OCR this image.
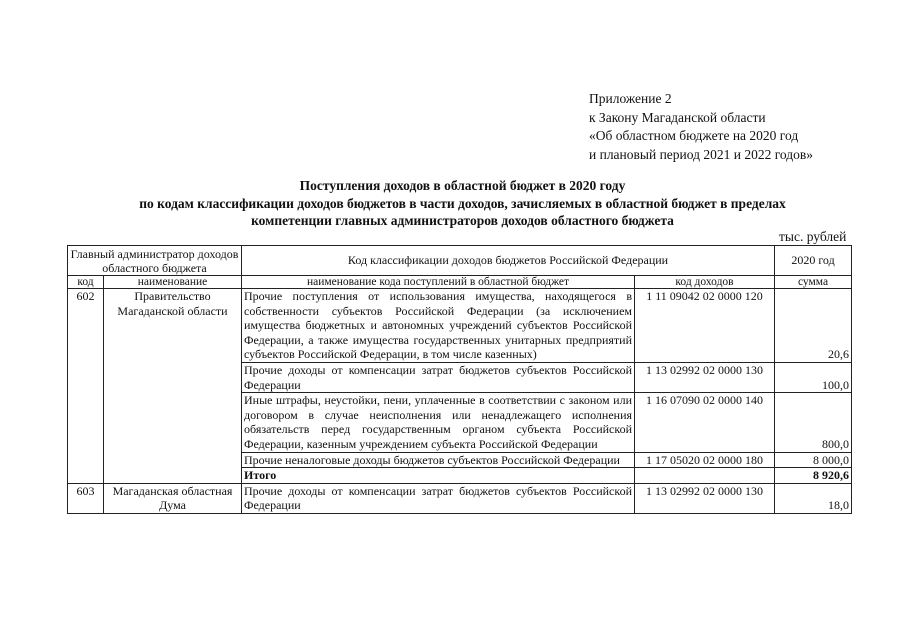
Приложение 2
к Закону Магаданской области
«Об областном бюджете на 2020 год
и плановый период 2021 и 2022 годов»
Поступления доходов в областной бюджет в 2020 году
по кодам классификации доходов бюджетов в части доходов, зачисляемых в областной бюджет в пределах
компетенции главных администраторов доходов областного бюджета
тыс. рублей
Главный администратор доходов областного бюджета		Код классификации доходов бюджетов Российской Федерации		2020 год
код	наименование	наименование кода поступлений в областной бюджет	код доходов	сумма
602	Правительство Магаданской области	Прочие поступления от использования имущества, находящегося в собственности субъектов Российской Федерации (за исключением имущества бюджетных и автономных учреждений субъектов Российской Федерации, а также имущества государственных унитарных предприятий субъектов Российской Федерации, в том числе казенных)	1 11 09042 02 0000 120	20,6
		Прочие доходы от компенсации затрат бюджетов субъектов Российской Федерации	1 13 02992 02 0000 130	100,0
		Иные штрафы, неустойки, пени, уплаченные в соответствии с законом или договором в случае неисполнения или ненадлежащего исполнения обязательств перед государственным органом субъекта Российской Федерации, казенным учреждением субъекта Российской Федерации	1 16 07090 02 0000 140	800,0
		Прочие неналоговые доходы бюджетов субъектов Российской Федерации	1 17 05020 02 0000 180	8 000,0
		Итого		8 920,6
603	Магаданская областная Дума	Прочие доходы от компенсации затрат бюджетов субъектов Российской Федерации	1 13 02992 02 0000 130	18,0
